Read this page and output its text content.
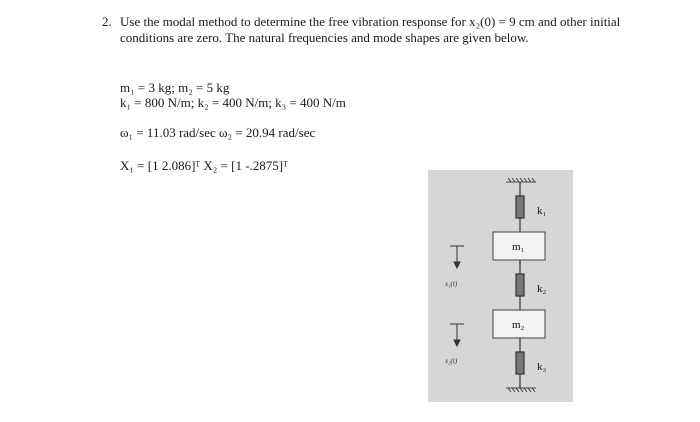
2. Use the modal method to determine the free vibration response for x₂(0) = 9 cm and other initial conditions are zero. The natural frequencies and mode shapes are given below.
m₁ = 3 kg; m₂ = 5 kg
k₁ = 800 N/m; k₂ = 400 N/m; k₃ = 400 N/m
ω₁ = 11.03 rad/sec ω₂ = 20.94 rad/sec
X₁ = [1 2.086]ᵀ X₂ = [1 -.2875]ᵀ
k₁
m₁
k₂
m₂
k₃
x₁(t)
x₂(t)
